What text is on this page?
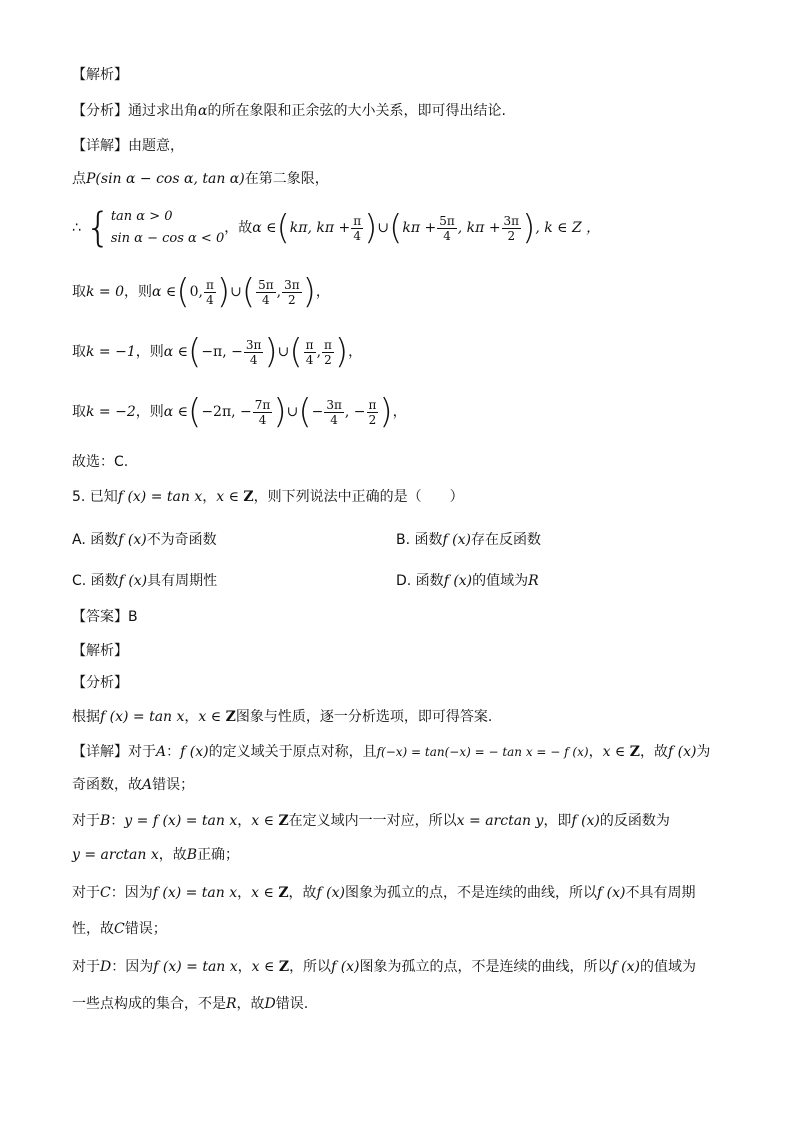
【解析】
【分析】通过求出角α的所在象限和正余弦的大小关系，即可得出结论.
【详解】由题意，
点P(sin α − cos α, tan α)在第二象限，
∴ { tan α > 0
sin α − cos α < 0
，故α ∈(kπ, $k\pi + \frac{\pi}{4}$ )∪(kπ + $\frac{5\pi}{4}$ , $k\pi + \frac{3\pi}{2}$ ), k ∈ Z ，
取k = 0，则α ∈(0, $\frac{\pi}{4}$ )∪( $\frac{5\pi}{4}$ , $\frac{3\pi}{2}$ )，
取k = −1，则α ∈(−π, − $\frac{3\pi}{4}$ )∪( $\frac{\pi}{4}$ , $\frac{\pi}{2}$ )，
取k = −2，则α ∈(−2π, − $\frac{7\pi}{4}$ )∪(− $\frac{3\pi}{4}$ , − $\frac{\pi}{2}$ )，
故选：C.
5. 已知f (x) = tan x，x ∈ Z，则下列说法中正确的是（　　）
A. 函数f (x)不为奇函数	B. 函数f (x)存在反函数
C. 函数f (x)具有周期性	D. 函数f (x)的值域为R
【答案】B
【解析】
【分析】
根据f (x) = tan x，x ∈ Z图象与性质，逐一分析选项，即可得答案.
【详解】对于A：f (x)的定义域关于原点对称，且f(−x) = tan(−x) = − tan x = − f (x)，x ∈ Z，故f (x)为
奇函数，故A错误；
对于B：y = f (x) = tan x，x ∈ Z在定义域内一一对应，所以x = arctan y，即f (x)的反函数为
y = arctan x，故B正确；
对于C：因为f (x) = tan x，x ∈ Z，故f (x)图象为孤立的点，不是连续的曲线，所以f (x)不具有周期
性，故C错误；
对于D：因为f (x) = tan x，x ∈ Z，所以f (x)图象为孤立的点，不是连续的曲线，所以f (x)的值域为
一些点构成的集合，不是R，故D错误.
